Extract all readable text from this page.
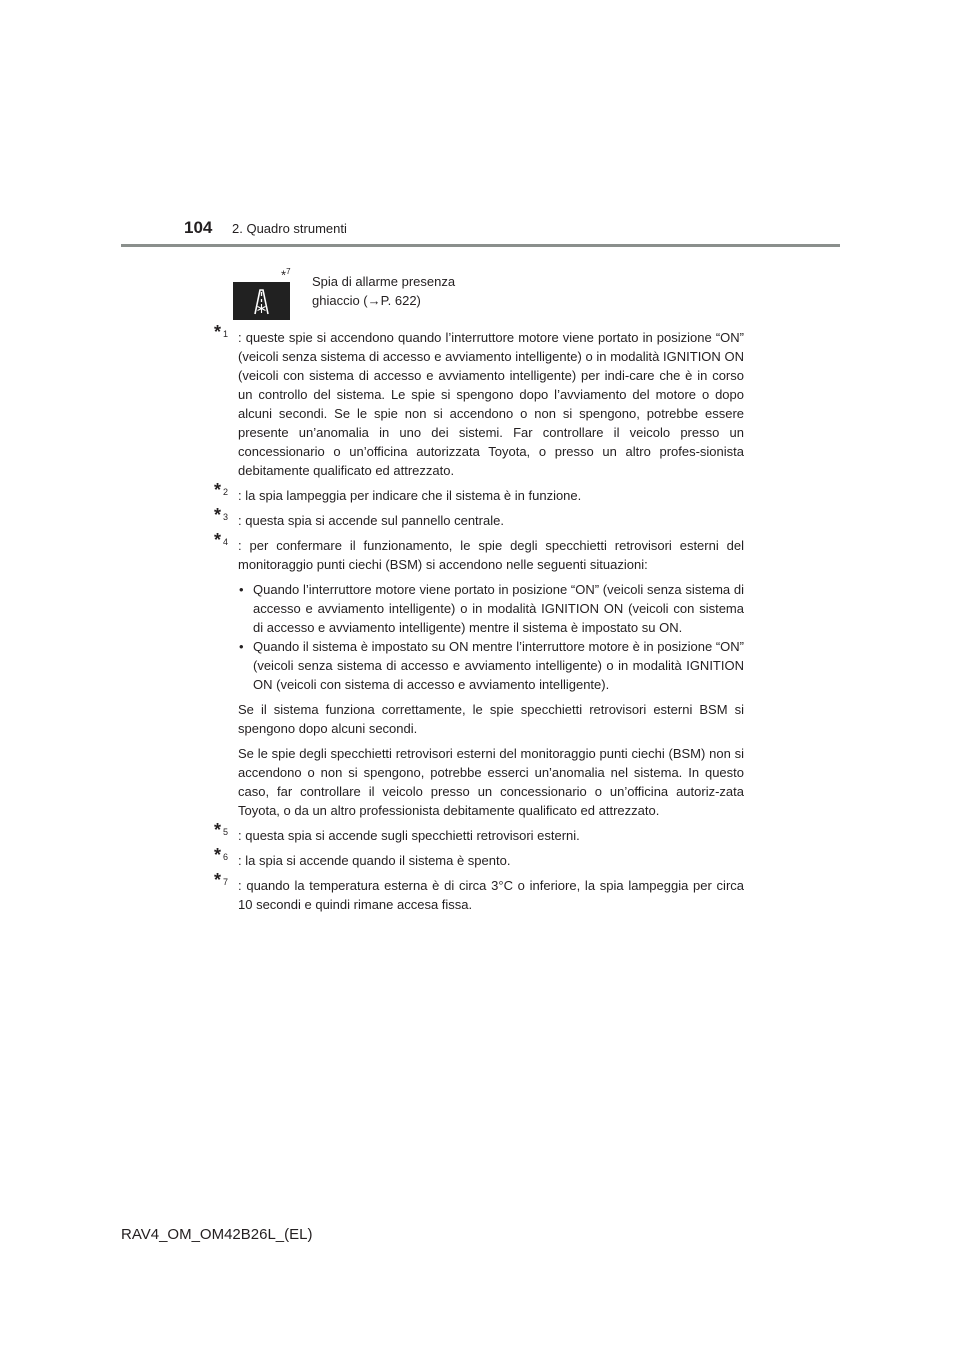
104 2. Quadro strumenti
*$^7$
Spia di allarme presenza
ghiaccio (→P. 622)
* 1 : queste spie si accendono quando l’interruttore motore viene portato in posizione “ON” (veicoli senza sistema di accesso e avviamento intelligente) o in modalità IGNITION ON (veicoli con sistema di accesso e avviamento intelligente) per indi-care che è in corso un controllo del sistema. Le spie si spengono dopo l’avviamento del motore o dopo alcuni secondi. Se le spie non si accendono o non si spengono, potrebbe essere presente un’anomalia in uno dei sistemi. Far controllare il veicolo presso un concessionario o un’officina autorizzata Toyota, o presso un altro profes-sionista debitamente qualificato ed attrezzato.

* 2 : la spia lampeggia per indicare che il sistema è in funzione.

* 3 : questa spia si accende sul pannello centrale.

* 4 : per confermare il funzionamento, le spie degli specchietti retrovisori esterni del monitoraggio punti ciechi (BSM) si accendono nelle seguenti situazioni:

• Quando l’interruttore motore viene portato in posizione “ON” (veicoli senza sistema di accesso e avviamento intelligente) o in modalità IGNITION ON (veicoli con sistema di accesso e avviamento intelligente) mentre il sistema è impostato su ON.
• Quando il sistema è impostato su ON mentre l’interruttore motore è in posizione “ON” (veicoli senza sistema di accesso e avviamento intelligente) o in modalità IGNITION ON (veicoli con sistema di accesso e avviamento intelligente).

Se il sistema funziona correttamente, le spie specchietti retrovisori esterni BSM si spengono dopo alcuni secondi.

Se le spie degli specchietti retrovisori esterni del monitoraggio punti ciechi (BSM) non si accendono o non si spengono, potrebbe esserci un’anomalia nel sistema. In questo caso, far controllare il veicolo presso un concessionario o un’officina autoriz-zata Toyota, o da un altro professionista debitamente qualificato ed attrezzato.

* 5 : questa spia si accende sugli specchietti retrovisori esterni.

* 6 : la spia si accende quando il sistema è spento.

* 7 : quando la temperatura esterna è di circa 3°C o inferiore, la spia lampeggia per circa 10 secondi e quindi rimane accesa fissa.

RAV4_OM_OM42B26L_(EL)
